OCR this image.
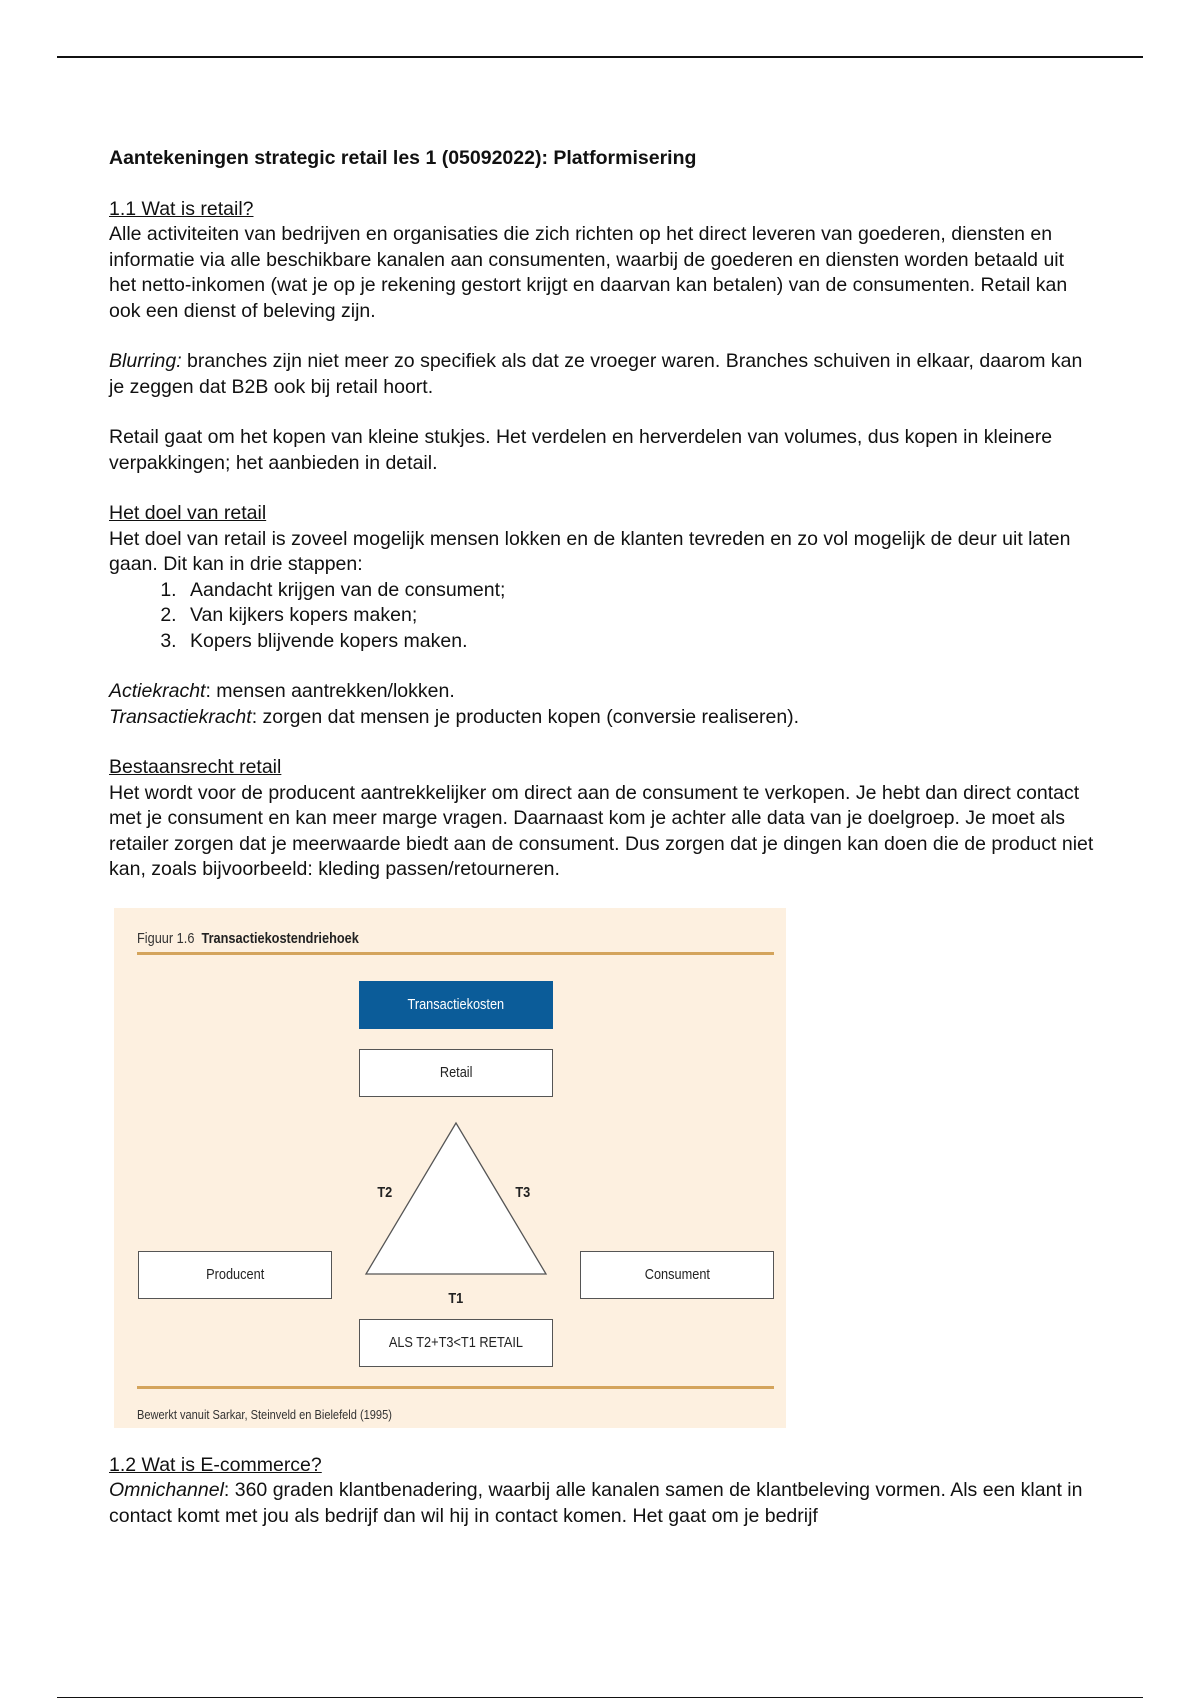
Aantekeningen strategic retail les 1 (05092022): Platformisering

1.1 Wat is retail?

Alle activiteiten van bedrijven en organisaties die zich richten op het direct leveren van goederen, diensten en informatie via alle beschikbare kanalen aan consumenten, waarbij de goederen en diensten worden betaald uit het netto-inkomen (wat je op je rekening gestort krijgt en daarvan kan betalen) van de consumenten. Retail kan ook een dienst of beleving zijn.

Blurring: branches zijn niet meer zo specifiek als dat ze vroeger waren. Branches schuiven in elkaar, daarom kan je zeggen dat B2B ook bij retail hoort.

Retail gaat om het kopen van kleine stukjes. Het verdelen en herverdelen van volumes, dus kopen in kleinere verpakkingen; het aanbieden in detail.

Het doel van retail

Het doel van retail is zoveel mogelijk mensen lokken en de klanten tevreden en zo vol mogelijk de deur uit laten gaan. Dit kan in drie stappen:

1. Aandacht krijgen van de consument;
2. Van kijkers kopers maken;
3. Kopers blijvende kopers maken.

Actiekracht: mensen aantrekken/lokken.

Transactiekracht: zorgen dat mensen je producten kopen (conversie realiseren).

Bestaansrecht retail

Het wordt voor de producent aantrekkelijker om direct aan de consument te verkopen. Je hebt dan direct contact met je consument en kan meer marge vragen. Daarnaast kom je achter alle data van je doelgroep. Je moet als retailer zorgen dat je meerwaarde biedt aan de consument. Dus zorgen dat je dingen kan doen die de product niet kan, zoals bijvoorbeeld: kleding passen/retourneren.

Figuur 1.6 Transactiekostendriehoek
Transactiekosten
Retail
T2	T3
T1
Producent	Consument
ALS T2+T3<T1 RETAIL
Bewerkt vanuit Sarkar, Steinveld en Bielefeld (1995)

1.2 Wat is E-commerce?

Omnichannel: 360 graden klantbenadering, waarbij alle kanalen samen de klantbeleving vormen. Als een klant in contact komt met jou als bedrijf dan wil hij in contact komen. Het gaat om je bedrijf
